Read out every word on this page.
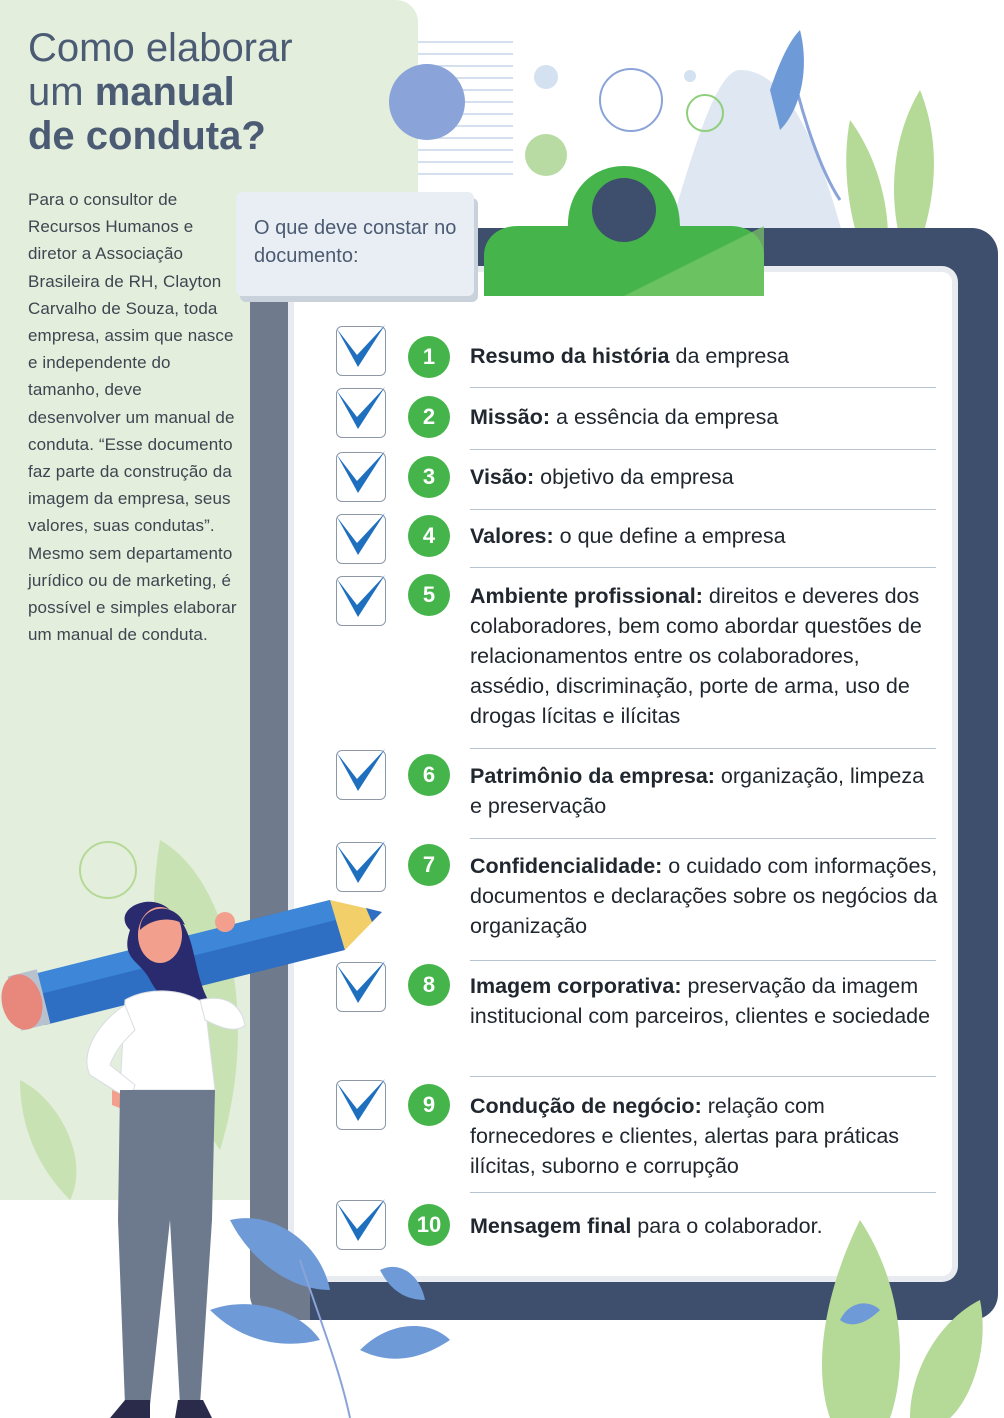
Como elaborar
um manual
de conduta?
Para o consultor de Recursos Humanos e diretor a Associação Brasileira de RH, Clayton Carvalho de Souza, toda empresa, assim que nasce e independente do tamanho, deve desenvolver um manual de conduta. “Esse documento faz parte da construção da imagem da empresa, seus valores, suas condutas”. Mesmo sem departamento jurídico ou de marketing, é possível e simples elaborar um manual de conduta.
O que deve constar no documento:
1	Resumo da história da empresa
2	Missão: a essência da empresa
3	Visão: objetivo da empresa
4	Valores: o que define a empresa
5	Ambiente profissional: direitos e deveres dos colaboradores, bem como abordar questões de relacionamentos entre os colaboradores, assédio, discriminação, porte de arma, uso de drogas lícitas e ilícitas
6	Patrimônio da empresa: organização, limpeza e preservação
7	Confidencialidade: o cuidado com informações, documentos e declarações sobre os negócios da organização
8	Imagem corporativa: preservação da imagem institucional com parceiros, clientes e sociedade
9	Condução de negócio: relação com fornecedores e clientes, alertas para práticas ilícitas, suborno e corrupção
10	Mensagem final para o colaborador.
